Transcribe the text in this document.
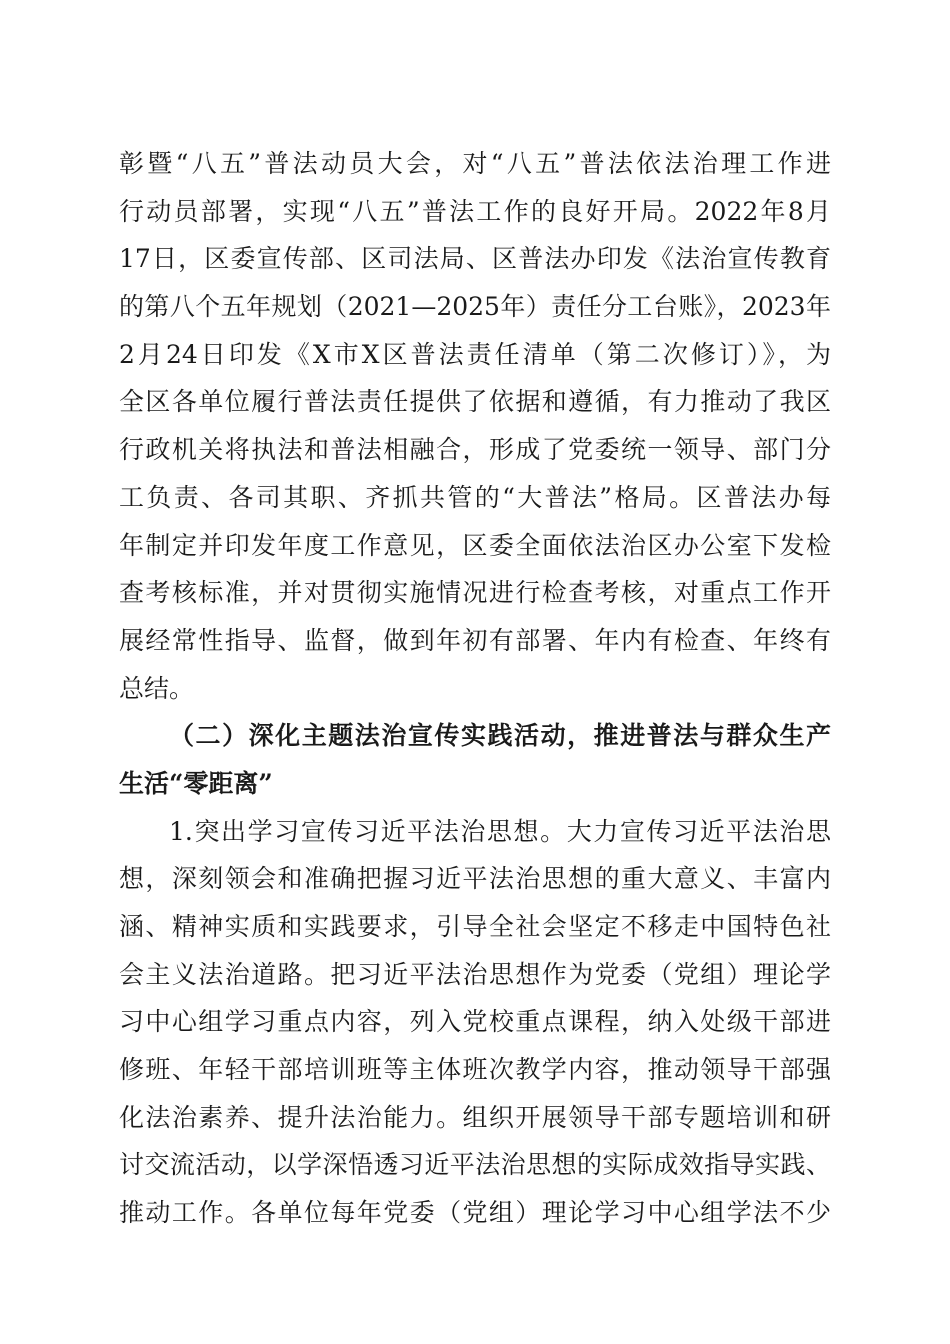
彰暨“八五”普法动员大会，对“八五”普法依法治理工作进
行动员部署，实现“八五”普法工作的良好开局。2022年8月
17日，区委宣传部、区司法局、区普法办印发《法治宣传教育
的第八个五年规划（2021—2025年）责任分工台账》，2023年
2月24日印发《X市X区普法责任清单（第二次修订）》，为
全区各单位履行普法责任提供了依据和遵循，有力推动了我区
行政机关将执法和普法相融合，形成了党委统一领导、部门分
工负责、各司其职、齐抓共管的“大普法”格局。区普法办每
年制定并印发年度工作意见，区委全面依法治区办公室下发检
查考核标准，并对贯彻实施情况进行检查考核，对重点工作开
展经常性指导、监督，做到年初有部署、年内有检查、年终有
总结。
（二）深化主题法治宣传实践活动，推进普法与群众生产
生活“零距离”
1.突出学习宣传习近平法治思想。大力宣传习近平法治思
想，深刻领会和准确把握习近平法治思想的重大意义、丰富内
涵、精神实质和实践要求，引导全社会坚定不移走中国特色社
会主义法治道路。把习近平法治思想作为党委（党组）理论学
习中心组学习重点内容，列入党校重点课程，纳入处级干部进
修班、年轻干部培训班等主体班次教学内容，推动领导干部强
化法治素养、提升法治能力。组织开展领导干部专题培训和研
讨交流活动，以学深悟透习近平法治思想的实际成效指导实践、
推动工作。各单位每年党委（党组）理论学习中心组学法不少
